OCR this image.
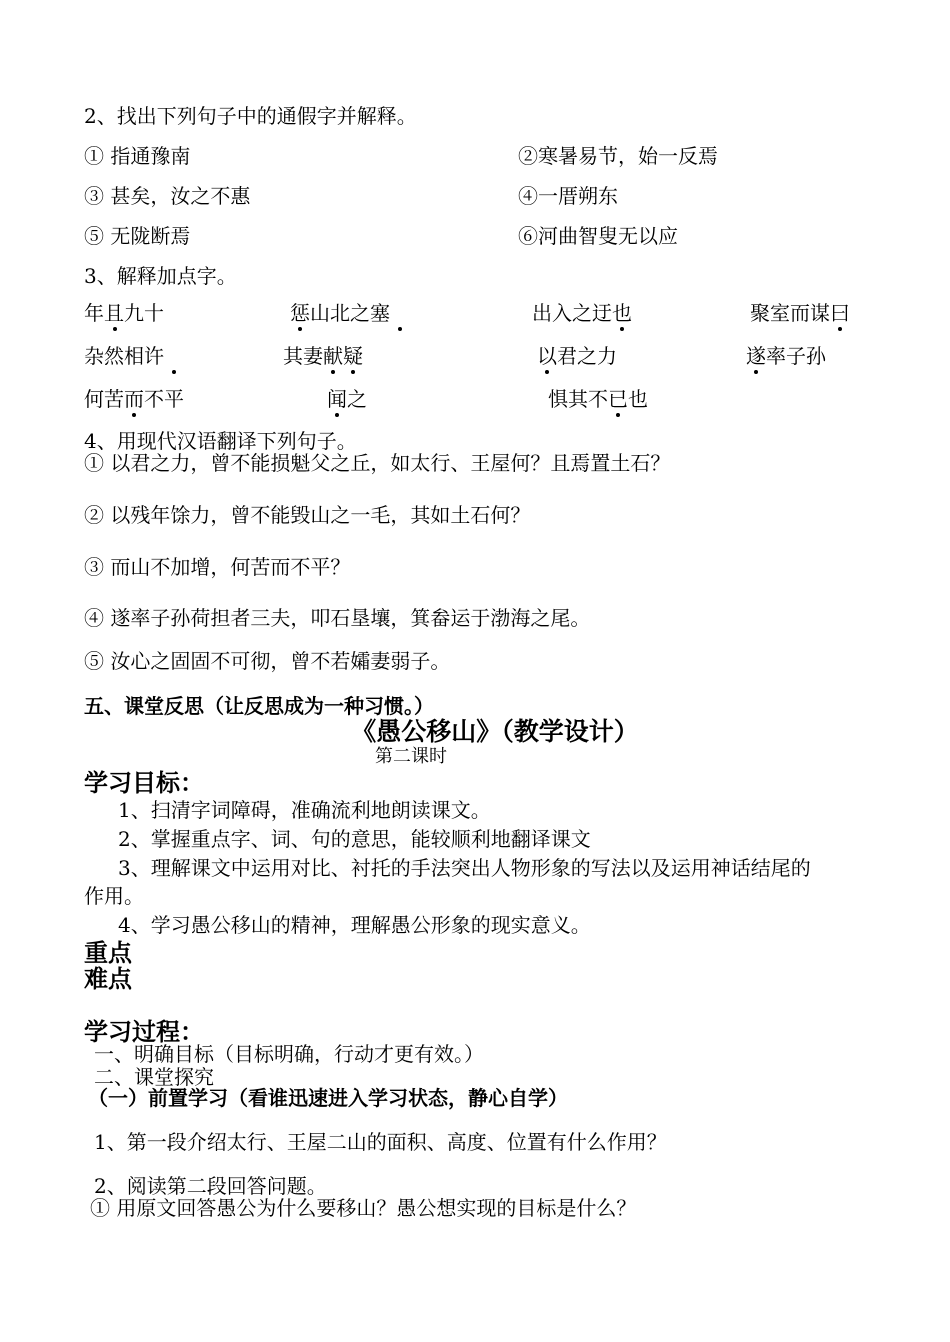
2、找出下列句子中的通假字并解释。
① 指通豫南	②寒暑易节，始一反焉
③ 甚矣，汝之不惠	④一厝朔东
⑤ 无陇断焉	⑥河曲智叟无以应
3、解释加点字。
年且九十	惩山北之塞	出入之迂也	聚室而谋曰
杂然相许	其妻献疑	以君之力	遂率子孙
何苦而不平	闻之	惧其不已也
4、用现代汉语翻译下列句子。
① 以君之力，曾不能损魁父之丘，如太行、王屋何？且焉置土石？
② 以残年馀力，曾不能毁山之一毛，其如土石何？
③ 而山不加增，何苦而不平？
④ 遂率子孙荷担者三夫，叩石垦壤，箕畚运于渤海之尾。
⑤ 汝心之固固不可彻，曾不若孀妻弱子。
五、课堂反思（让反思成为一种习惯。）
《愚公移山》（教学设计）
第二课时
学习目标：
1、扫清字词障碍，准确流利地朗读课文。
2、掌握重点字、词、句的意思，能较顺利地翻译课文
3、理解课文中运用对比、衬托的手法突出人物形象的写法以及运用神话结尾的
作用。
4、学习愚公移山的精神，理解愚公形象的现实意义。
重点
难点
学习过程：
一、明确目标（目标明确，行动才更有效。）
二、课堂探究
（一）前置学习（看谁迅速进入学习状态，静心自学）
1、第一段介绍太行、王屋二山的面积、高度、位置有什么作用？
2、阅读第二段回答问题。
① 用原文回答愚公为什么要移山？愚公想实现的目标是什么？
